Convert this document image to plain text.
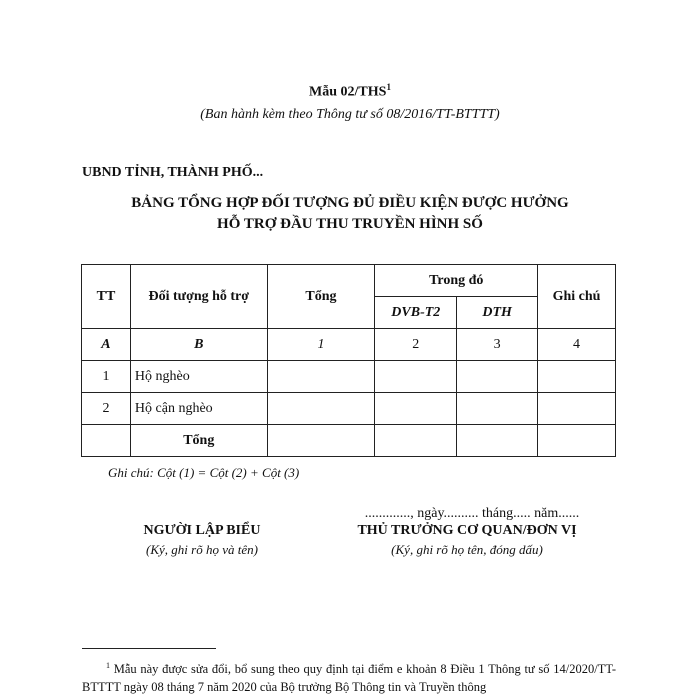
Mẫu 02/THS$^1$
(Ban hành kèm theo Thông tư số 08/2016/TT-BTTTT)
UBND TỈNH, THÀNH PHỐ...
BẢNG TỔNG HỢP ĐỐI TƯỢNG ĐỦ ĐIỀU KIỆN ĐƯỢC HƯỞNG
HỖ TRỢ ĐẦU THU TRUYỀN HÌNH SỐ
TT	Đối tượng hỗ trợ	Tổng	Trong đó		Ghi chú
			DVB-T2	DTH	
A	B	1	2	3	4
1	Hộ nghèo				
2	Hộ cận nghèo				
	Tổng				
Ghi chú: Cột (1) = Cột (2) + Cột (3)
............., ngày.......... tháng..... năm......
NGƯỜI LẬP BIỂU
(Ký, ghi rõ họ và tên)
THỦ TRƯỞNG CƠ QUAN/ĐƠN VỊ
(Ký, ghi rõ họ tên, đóng dấu)
$^1$ Mẫu này được sửa đổi, bổ sung theo quy định tại điểm e khoản 8 Điều 1 Thông tư số 14/2020/TT-BTTTT ngày 08 tháng 7 năm 2020 của Bộ trưởng Bộ Thông tin và Truyền thông
